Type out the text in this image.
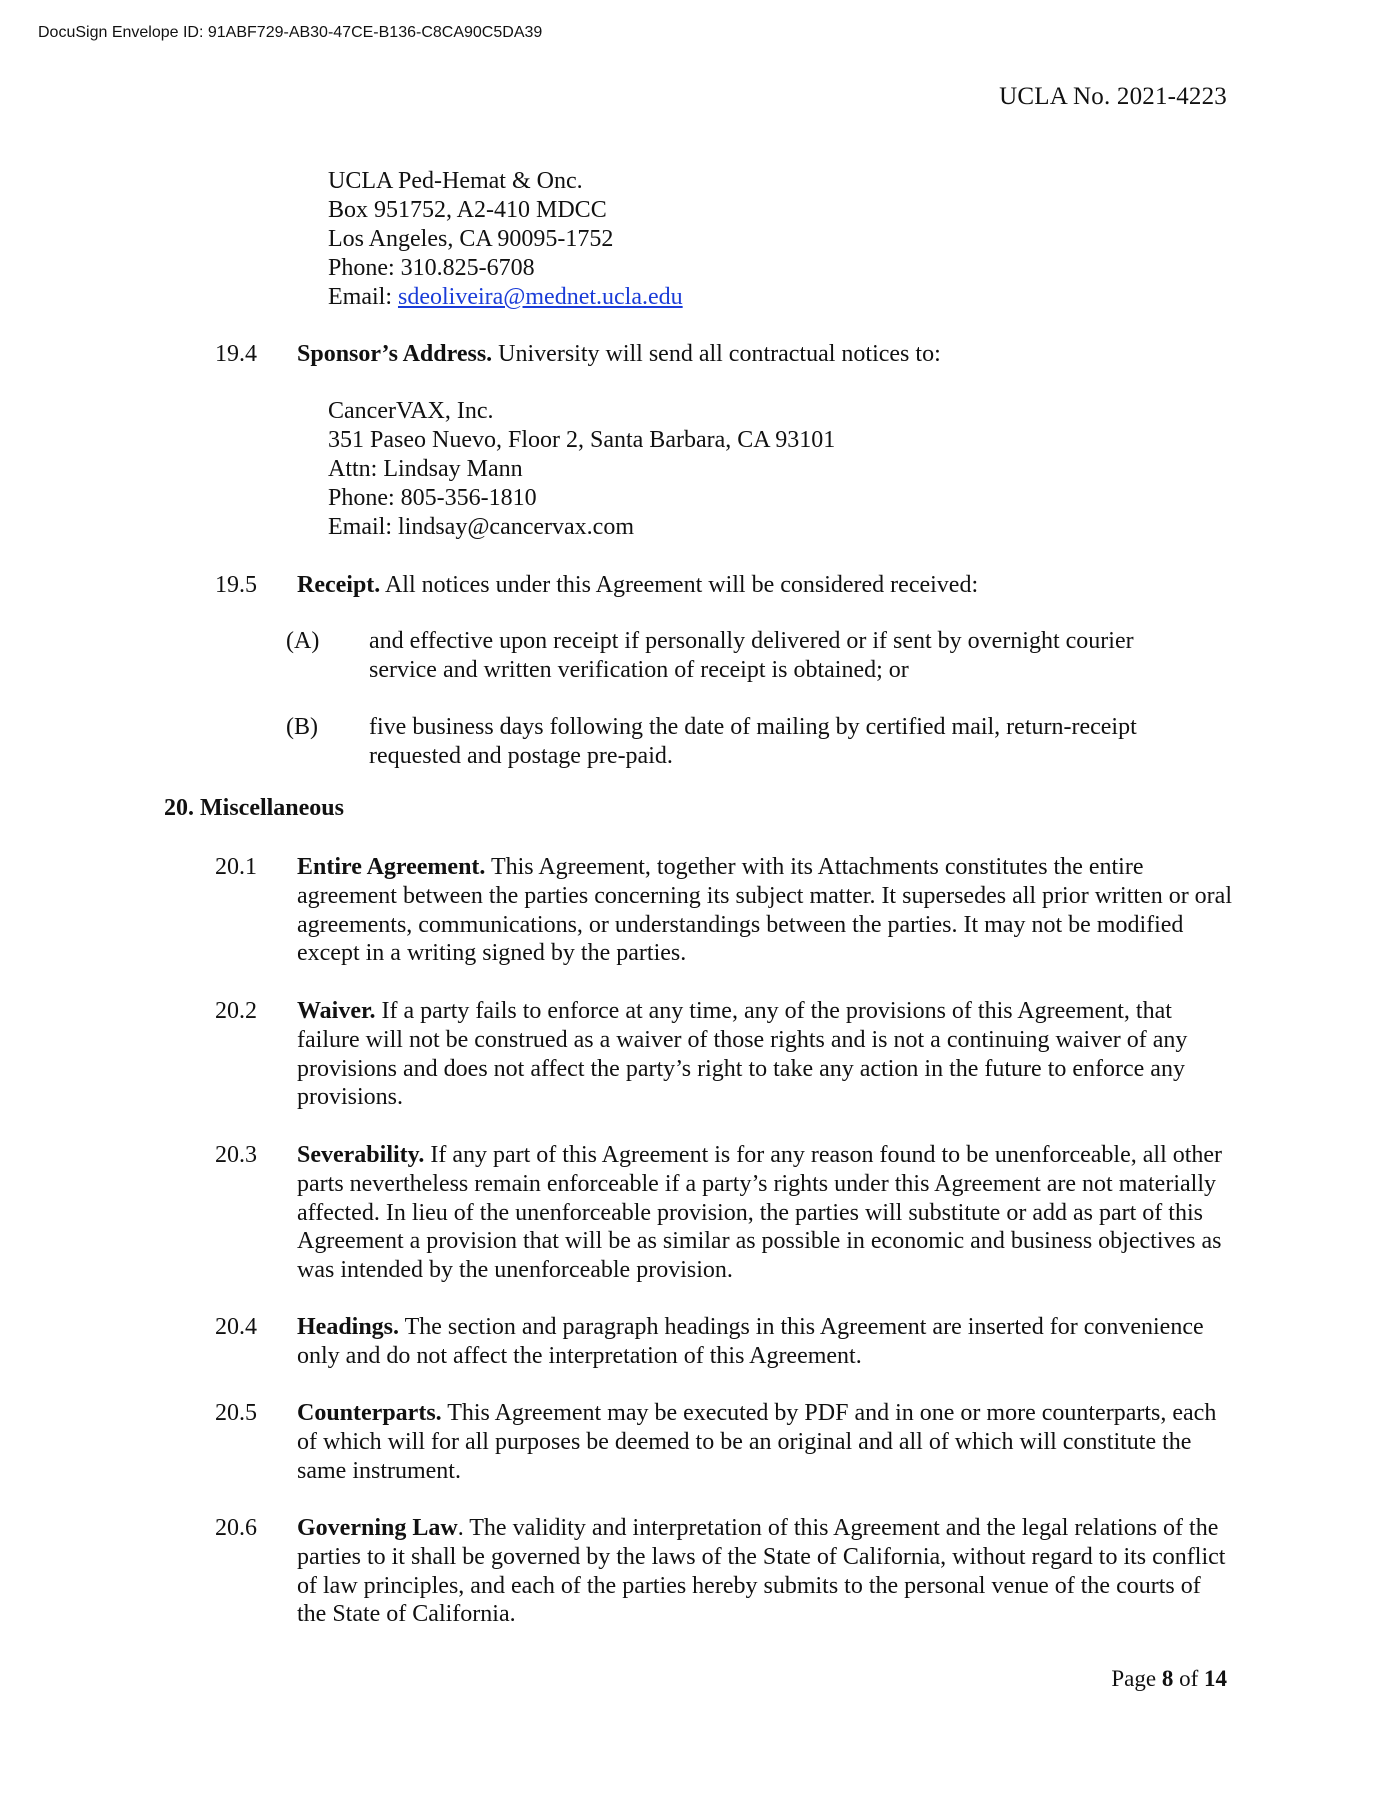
DocuSign Envelope ID: 91ABF729-AB30-47CE-B136-C8CA90C5DA39
UCLA No. 2021-4223
UCLA Ped-Hemat & Onc.
Box 951752, A2-410 MDCC
Los Angeles, CA 90095-1752
Phone: 310.825-6708
Email: sdeoliveira@mednet.ucla.edu
19.4 Sponsor’s Address. University will send all contractual notices to:
CancerVAX, Inc.
351 Paseo Nuevo, Floor 2, Santa Barbara, CA 93101
Attn: Lindsay Mann
Phone: 805-356-1810
Email: lindsay@cancervax.com
19.5 Receipt. All notices under this Agreement will be considered received:
(A) and effective upon receipt if personally delivered or if sent by overnight courier service and written verification of receipt is obtained; or
(B) five business days following the date of mailing by certified mail, return-receipt requested and postage pre-paid.
20. Miscellaneous
20.1 Entire Agreement. This Agreement, together with its Attachments constitutes the entire agreement between the parties concerning its subject matter. It supersedes all prior written or oral agreements, communications, or understandings between the parties. It may not be modified except in a writing signed by the parties.
20.2 Waiver. If a party fails to enforce at any time, any of the provisions of this Agreement, that failure will not be construed as a waiver of those rights and is not a continuing waiver of any provisions and does not affect the party’s right to take any action in the future to enforce any provisions.
20.3 Severability. If any part of this Agreement is for any reason found to be unenforceable, all other parts nevertheless remain enforceable if a party’s rights under this Agreement are not materially affected. In lieu of the unenforceable provision, the parties will substitute or add as part of this Agreement a provision that will be as similar as possible in economic and business objectives as was intended by the unenforceable provision.
20.4 Headings. The section and paragraph headings in this Agreement are inserted for convenience only and do not affect the interpretation of this Agreement.
20.5 Counterparts. This Agreement may be executed by PDF and in one or more counterparts, each of which will for all purposes be deemed to be an original and all of which will constitute the same instrument.
20.6 Governing Law. The validity and interpretation of this Agreement and the legal relations of the parties to it shall be governed by the laws of the State of California, without regard to its conflict of law principles, and each of the parties hereby submits to the personal venue of the courts of the State of California.
Page 8 of 14
